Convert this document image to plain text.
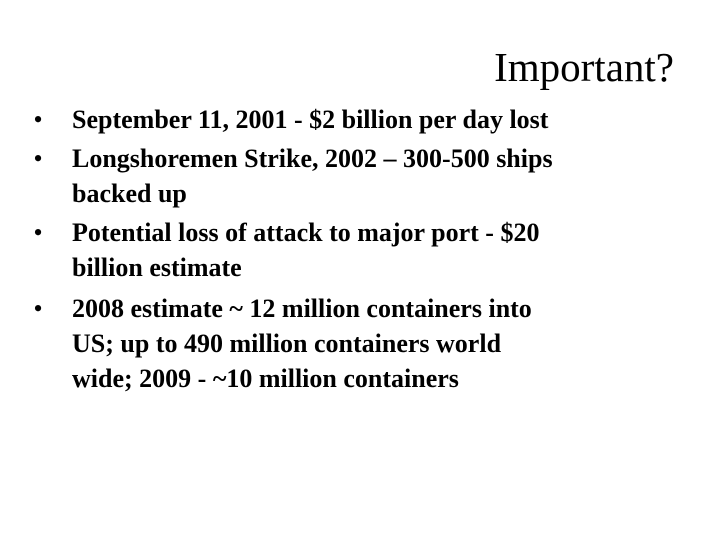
Important?
• September 11, 2001 - $2 billion per day lost
• Longshoremen Strike, 2002 – 300-500 ships
backed up
• Potential loss of attack to major port - $20
billion estimate
• 2008 estimate ~ 12 million containers into
US; up to 490 million containers world
wide; 2009 - ~10 million containers
